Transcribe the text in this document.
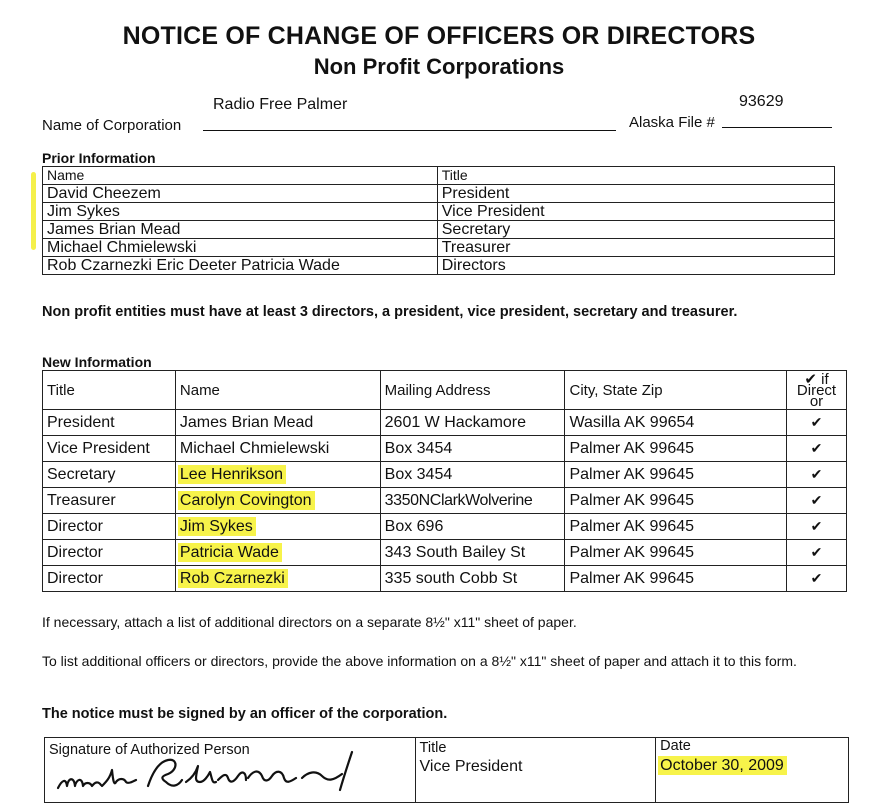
NOTICE OF CHANGE OF OFFICERS OR DIRECTORS
Non Profit Corporations
Radio Free Palmer
Name of Corporation
93629
Alaska File #
Prior Information
Name	Title
David Cheezem	President
Jim Sykes	Vice President
James Brian Mead	Secretary
Michael Chmielewski	Treasurer
Rob Czarnezki Eric Deeter Patricia Wade	Directors
Non profit entities must have at least 3 directors, a president, vice president, secretary and treasurer.
New Information
Title	Name	Mailing Address	City, State Zip	✔ if Direct or
President	James Brian Mead	2601 W Hackamore	Wasilla AK 99654	✔
Vice President	Michael Chmielewski	Box 3454	Palmer AK 99645	✔
Secretary	Lee Henrikson	Box 3454	Palmer AK 99645	✔
Treasurer	Carolyn Covington	3350NClarkWolverine	Palmer AK 99645	✔
Director	Jim Sykes	Box 696	Palmer AK 99645	✔
Director	Patricia Wade	343 South Bailey St	Palmer AK 99645	✔
Director	Rob Czarnezki	335 south Cobb St	Palmer AK 99645	✔
If necessary, attach a list of additional directors on a separate 8½" x11" sheet of paper.
To list additional officers or directors, provide the above information on a 8½" x11" sheet of paper and attach it to this form.
The notice must be signed by an officer of the corporation.
Signature of Authorized Person	Title
Vice President

Date
October 30, 2009
